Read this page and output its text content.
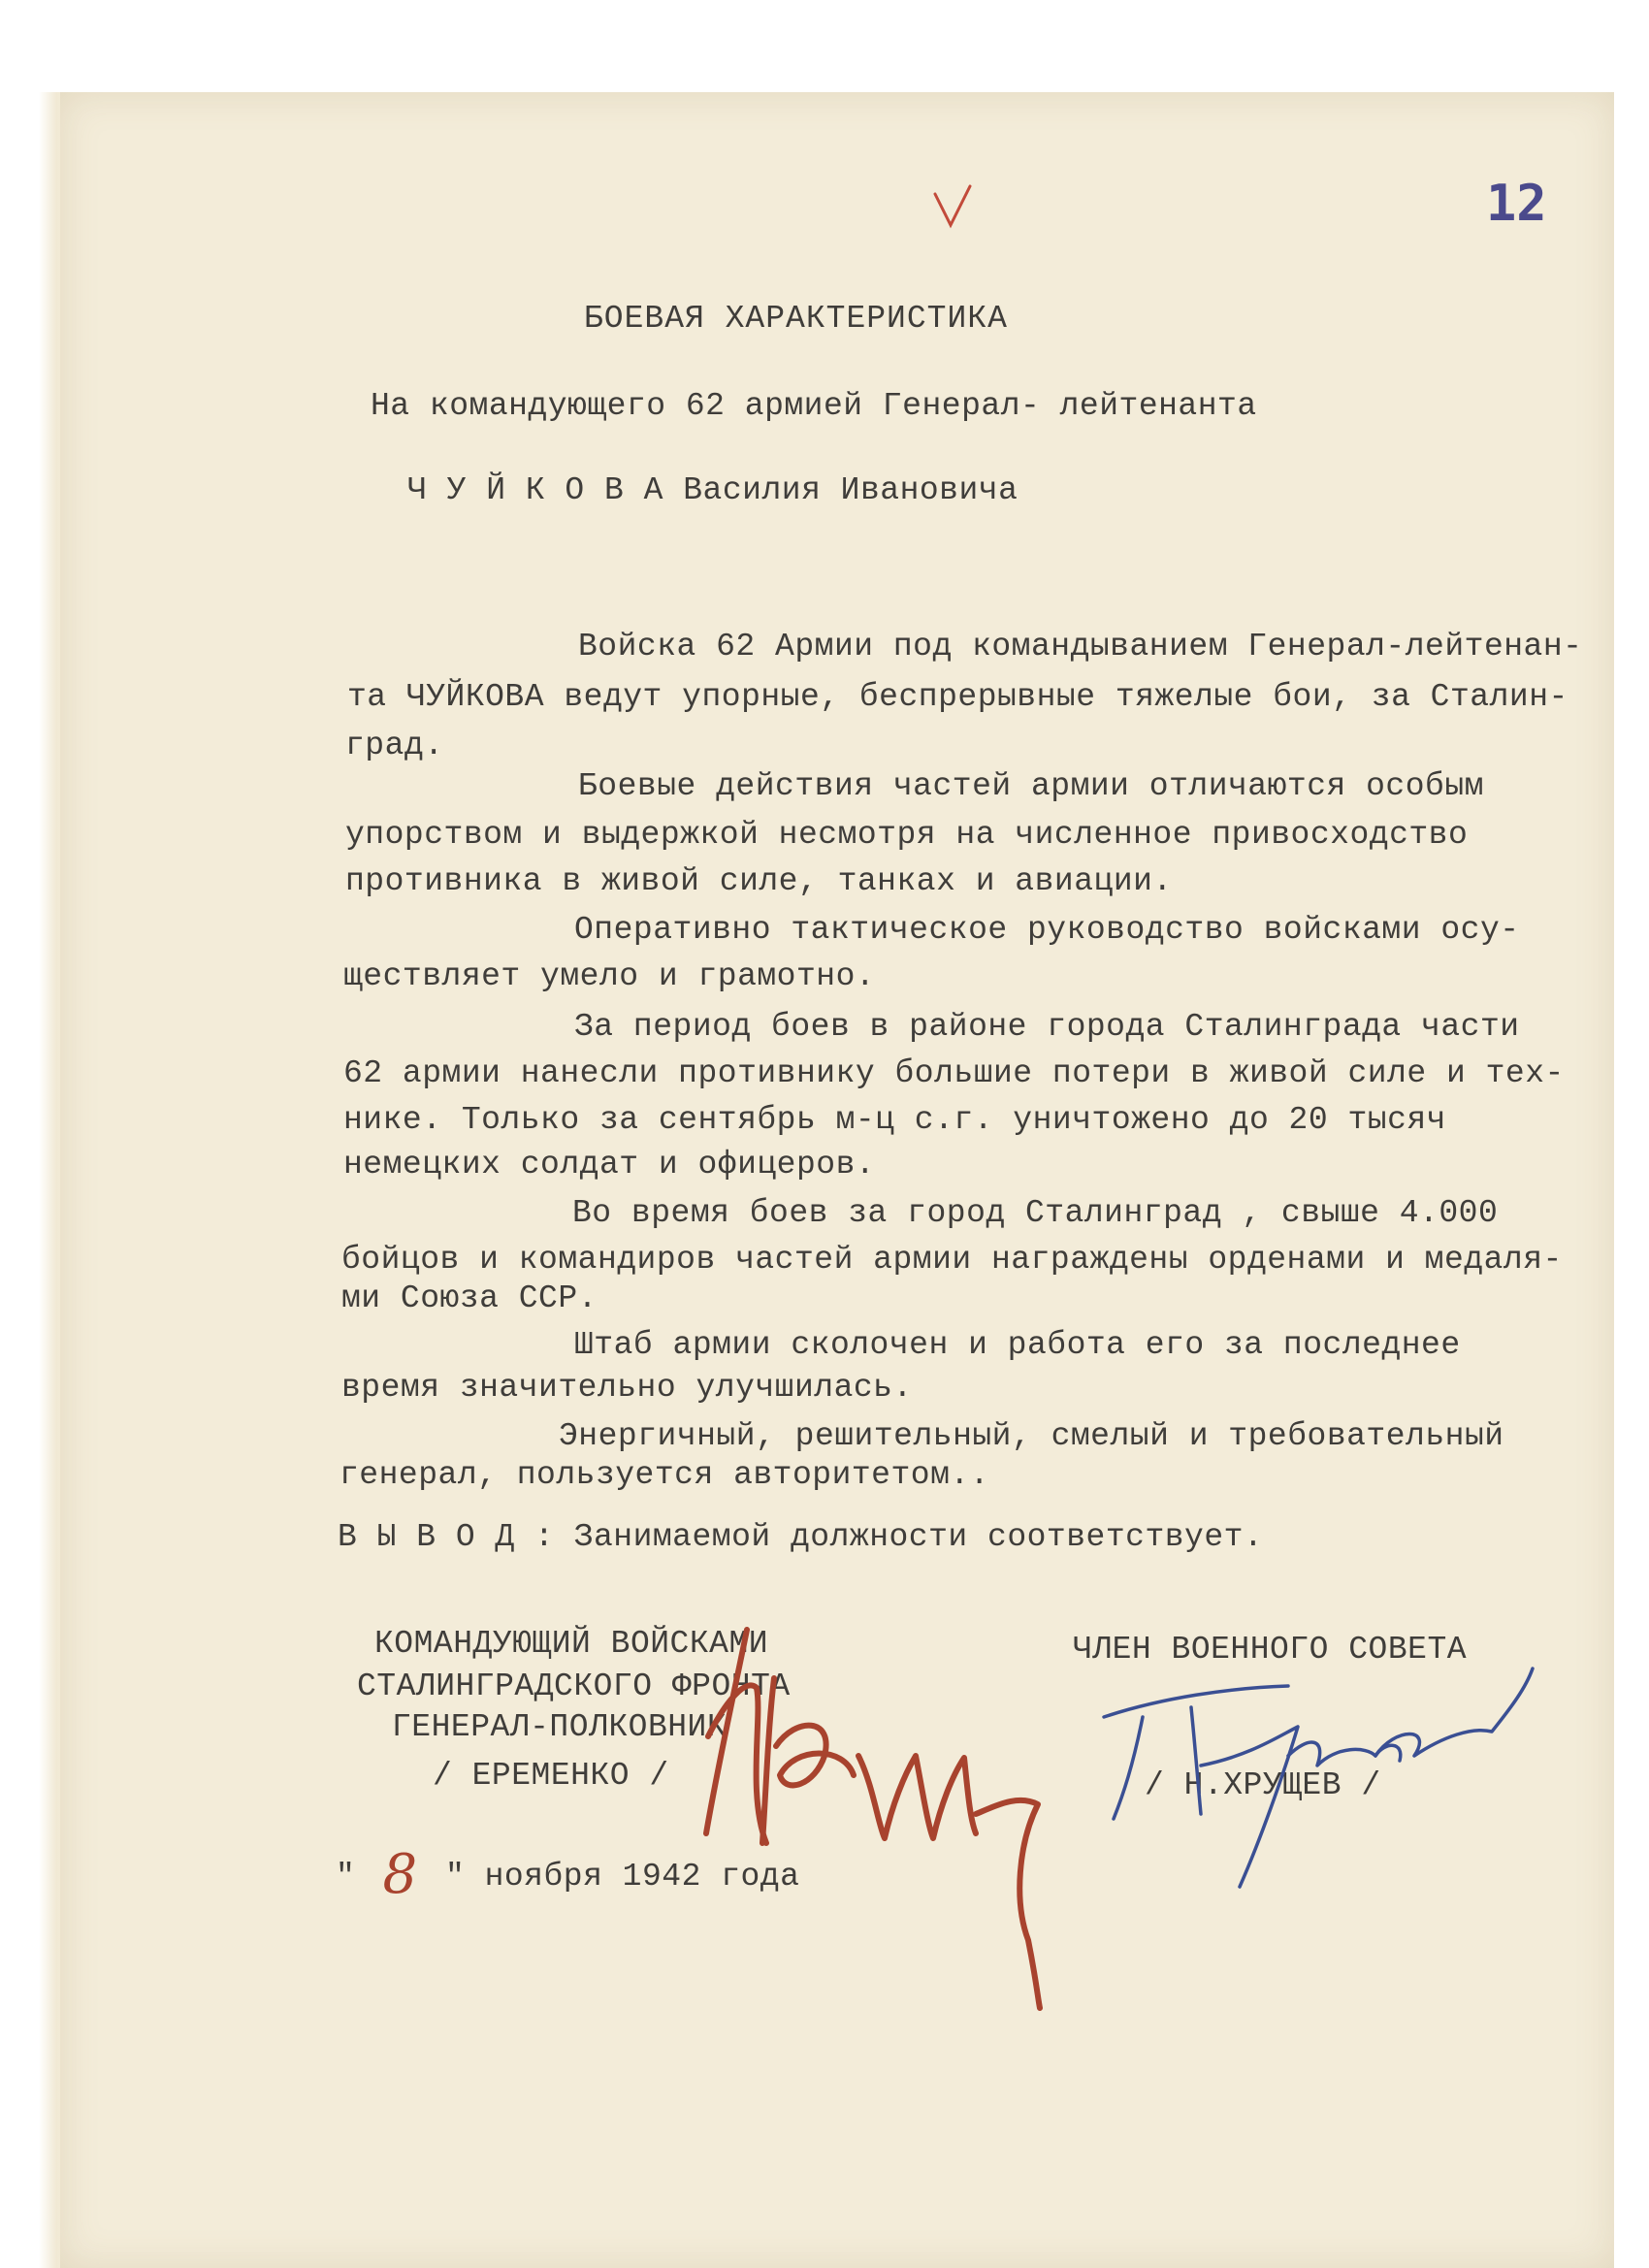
12
БОЕВАЯ ХАРАКТЕРИСТИКА
На командующего 62 армией Генерал- лейтенанта
Ч У Й К О В А Василия Ивановича
Войска 62 Армии под командыванием Генерал-лейтенан-
та ЧУЙКОВА ведут упорные, беспрерывные тяжелые бои, за Сталин-
град.
Боевые действия частей армии отличаются особым
упорством и выдержкой несмотря на численное привосходство
противника в живой силе, танках и авиации.
Оперативно тактическое руководство войсками осу-
ществляет умело и грамотно.
За период боев в районе города Сталинграда части
62 армии нанесли противнику большие потери в живой силе и тех-
нике. Только за сентябрь м-ц с.г. уничтожено до 20 тысяч
немецких солдат и офицеров.
Во время боев за город Сталинград , свыше 4.000
бойцов и командиров частей армии награждены орденами и медаля-
ми Союза ССР.
Штаб армии сколочен и работа его за последнее
время значительно улучшилась.
Энергичный, решительный, смелый и требовательный
генерал, пользуется авторитетом..
В Ы В О Д : Занимаемой должности соответствует.
КОМАНДУЮЩИЙ ВОЙСКАМИ
СТАЛИНГРАДСКОГО ФРОНТА
ГЕНЕРАЛ-ПОЛКОВНИК
/ ЕРЕМЕНКО /
ЧЛЕН ВОЕННОГО СОВЕТА
/ Н.ХРУЩЕВ /
" 8 " ноября 1942 года
